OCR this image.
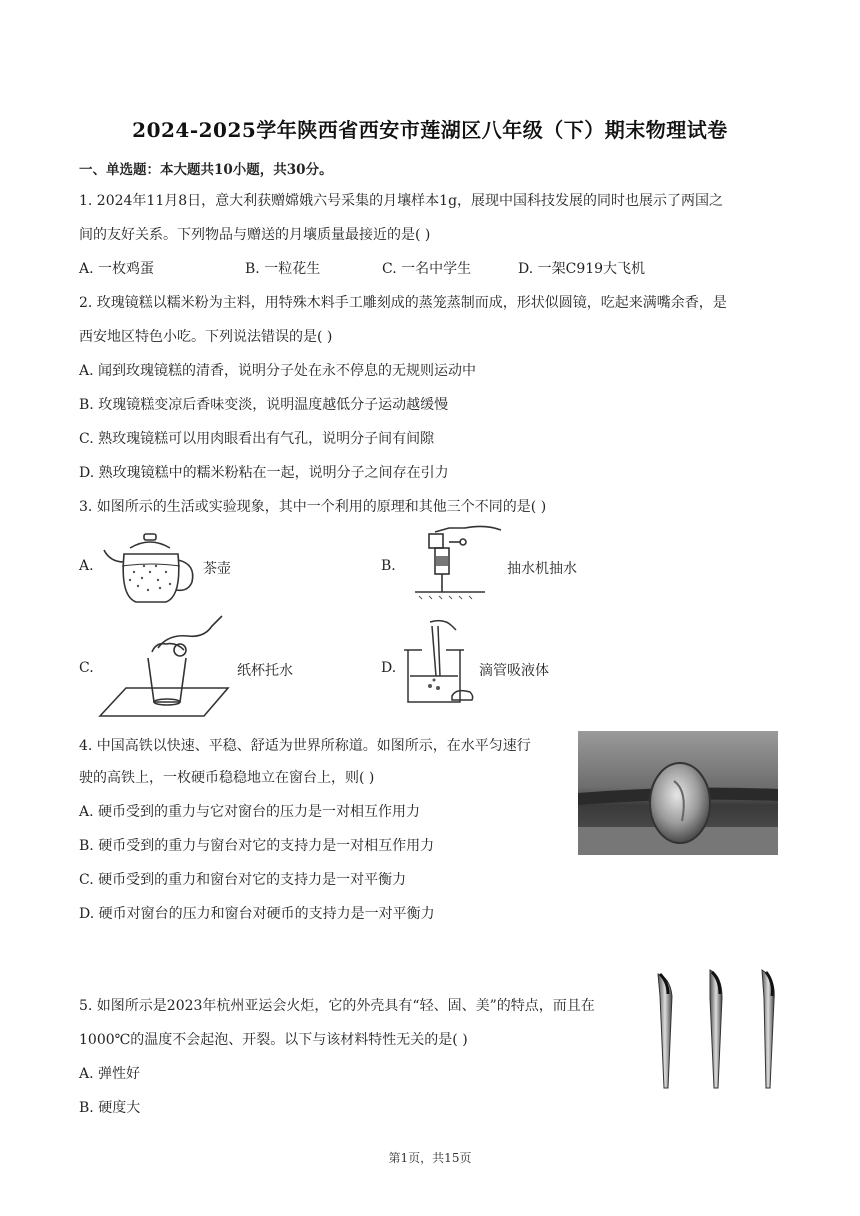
2024-2025学年陕西省西安市莲湖区八年级（下）期末物理试卷
一、单选题：本大题共10小题，共30分。
1. 2024年11月8日，意大利获赠嫦娥六号采集的月壤样本1g，展现中国科技发展的同时也展示了两国之
间的友好关系。下列物品与赠送的月壤质量最接近的是( )
A. 一枚鸡蛋	B. 一粒花生	C. 一名中学生	D. 一架C919大飞机
2. 玫瑰镜糕以糯米粉为主料，用特殊木料手工雕刻成的蒸笼蒸制而成，形状似圆镜，吃起来满嘴余香，是
西安地区特色小吃。下列说法错误的是( )
A. 闻到玫瑰镜糕的清香，说明分子处在永不停息的无规则运动中
B. 玫瑰镜糕变凉后香味变淡，说明温度越低分子运动越缓慢
C. 熟玫瑰镜糕可以用肉眼看出有气孔，说明分子间有间隙
D. 熟玫瑰镜糕中的糯米粉粘在一起，说明分子之间存在引力
3. 如图所示的生活或实验现象，其中一个利用的原理和其他三个不同的是( )
A.	茶壶	B.	抽水机抽水
C.	纸杯托水	D.	滴管吸液体
4. 中国高铁以快速、平稳、舒适为世界所称道。如图所示，在水平匀速行
驶的高铁上，一枚硬币稳稳地立在窗台上，则( )
A. 硬币受到的重力与它对窗台的压力是一对相互作用力
B. 硬币受到的重力与窗台对它的支持力是一对相互作用力
C. 硬币受到的重力和窗台对它的支持力是一对平衡力
D. 硬币对窗台的压力和窗台对硬币的支持力是一对平衡力
5. 如图所示是2023年杭州亚运会火炬，它的外壳具有“轻、固、美”的特点，而且在
1000℃的温度不会起泡、开裂。以下与该材料特性无关的是( )
A. 弹性好
B. 硬度大
第1页，共15页
